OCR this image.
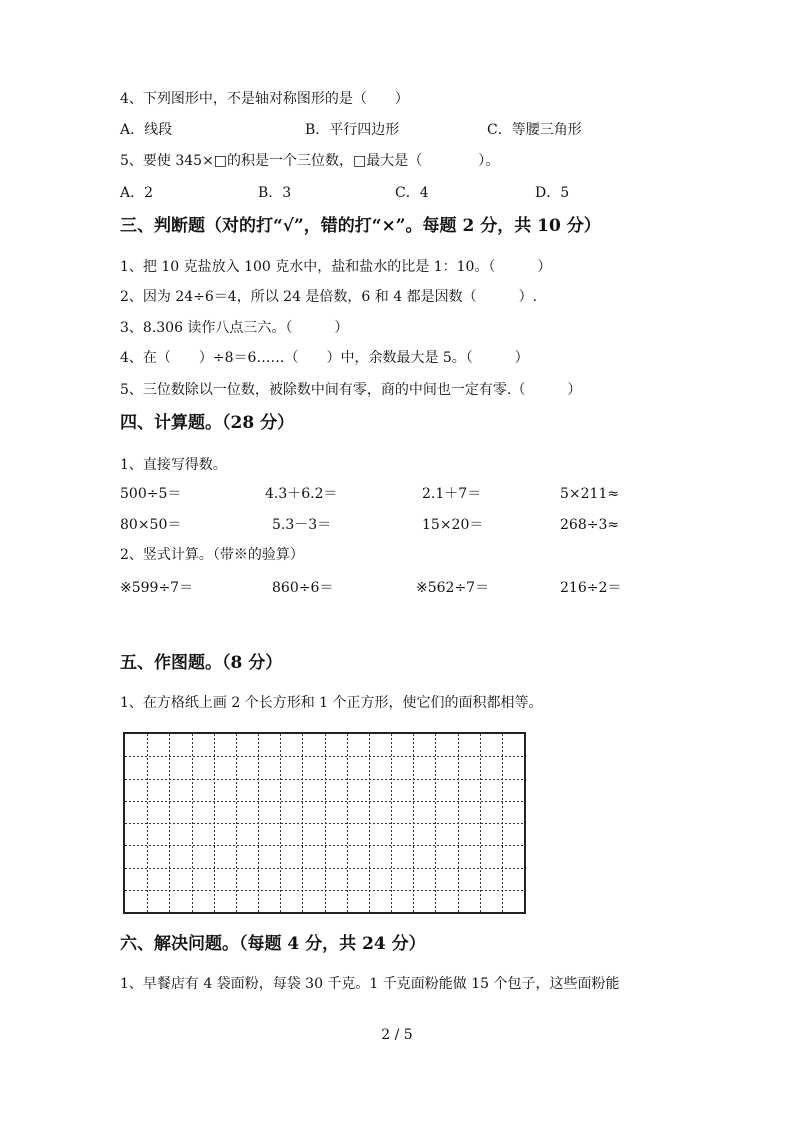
4、下列图形中，不是轴对称图形的是（　　）
A．线段	B．平行四边形	C．等腰三角形
5、要使 345×□的积是一个三位数，□最大是（　　　　）。
A．2	B．3	C．4	D．5
三、判断题（对的打“√”，错的打“×”。每题 2 分，共 10 分）
1、把 10 克盐放入 100 克水中，盐和盐水的比是 1：10。（　　　）
2、因为 24÷6＝4，所以 24 是倍数，6 和 4 都是因数（　　　）.
3、8.306 读作八点三六。（　　　）
4、在（　　）÷8＝6……（　　）中，余数最大是 5。（　　　）
5、三位数除以一位数，被除数中间有零，商的中间也一定有零.（　　　）
四、计算题。（28 分）
1、直接写得数。
500÷5＝	4.3＋6.2＝	2.1＋7＝	5×211≈
80×50＝	5.3－3＝	15×20＝	268÷3≈
2、竖式计算。（带※的验算）
※599÷7＝	860÷6＝	※562÷7＝	216÷2＝
五、作图题。（8 分）
1、在方格纸上画 2 个长方形和 1 个正方形，使它们的面积都相等。
六、解决问题。（每题 4 分，共 24 分）
1、早餐店有 4 袋面粉，每袋 30 千克。1 千克面粉能做 15 个包子，这些面粉能
2 / 5
